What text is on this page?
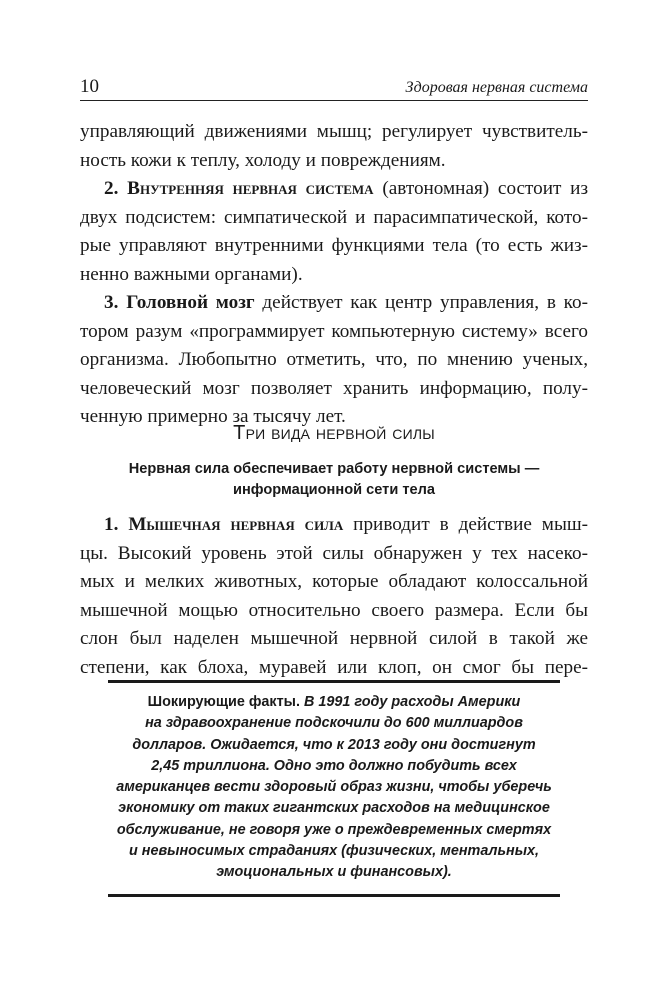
10	Здоровая нервная система
управляющий движениями мышц; регулирует чувствитель-
ность кожи к теплу, холоду и повреждениям.
2. Внутренняя нервная система (автономная) состоит из
двух подсистем: симпатической и парасимпатической, кото-
рые управляют внутренними функциями тела (то есть жиз-
ненно важными органами).
3. Головной мозг действует как центр управления, в ко-
тором разум «программирует компьютерную систему» всего
организма. Любопытно отметить, что, по мнению ученых,
человеческий мозг позволяет хранить информацию, полу-
ченную примерно за тысячу лет.
Три вида нервной силы
Нервная сила обеспечивает работу нервной системы —
информационной сети тела
1. Мышечная нервная сила приводит в действие мыш-
цы. Высокий уровень этой силы обнаружен у тех насеко-
мых и мелких животных, которые обладают колоссальной
мышечной мощью относительно своего размера. Если бы
слон был наделен мышечной нервной силой в такой же
степени, как блоха, муравей или клоп, он смог бы пере-
Шокирующие факты. В 1991 году расходы Америки
на здравоохранение подскочили до 600 миллиардов
долларов. Ожидается, что к 2013 году они достигнут
2,45 триллиона. Одно это должно побудить всех
американцев вести здоровый образ жизни, чтобы уберечь
экономику от таких гигантских расходов на медицинское
обслуживание, не говоря уже о преждевременных смертях
и невыносимых страданиях (физических, ментальных,
эмоциональных и финансовых).
